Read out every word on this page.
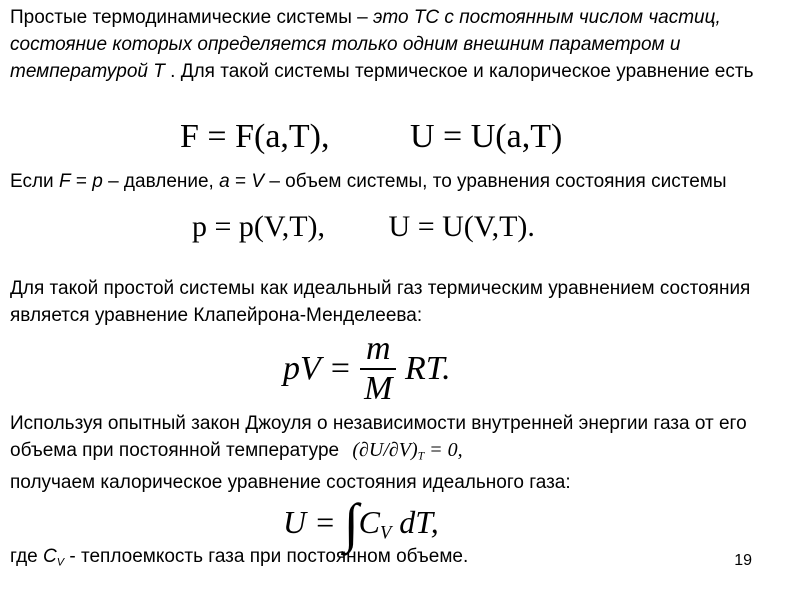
Простые термодинамические системы – это ТС с постоянным числом частиц, состояние которых определяется только одним внешним параметром и температурой Т . Для такой системы термическое и калорическое уравнение есть

F = F(a,T), U = U(a,T)

Если F = p – давление, a = V – объем системы, то уравнения состояния системы

p = p(V,T), U = U(V,T).

Для такой простой системы как идеальный газ термическим уравнением состояния является уравнение Клапейрона-Менделеева:

pV = $\frac{m}{M}$ RT.

Используя опытный закон Джоуля о независимости внутренней энергии газа от его объема при постоянной температуре $(\partial U/\partial V)_T = 0$,
получаем калорическое уравнение состояния идеального газа:

$U = \int C_V$ dT,

где $C_V$ - теплоемкость газа при постоянном объеме.	19
